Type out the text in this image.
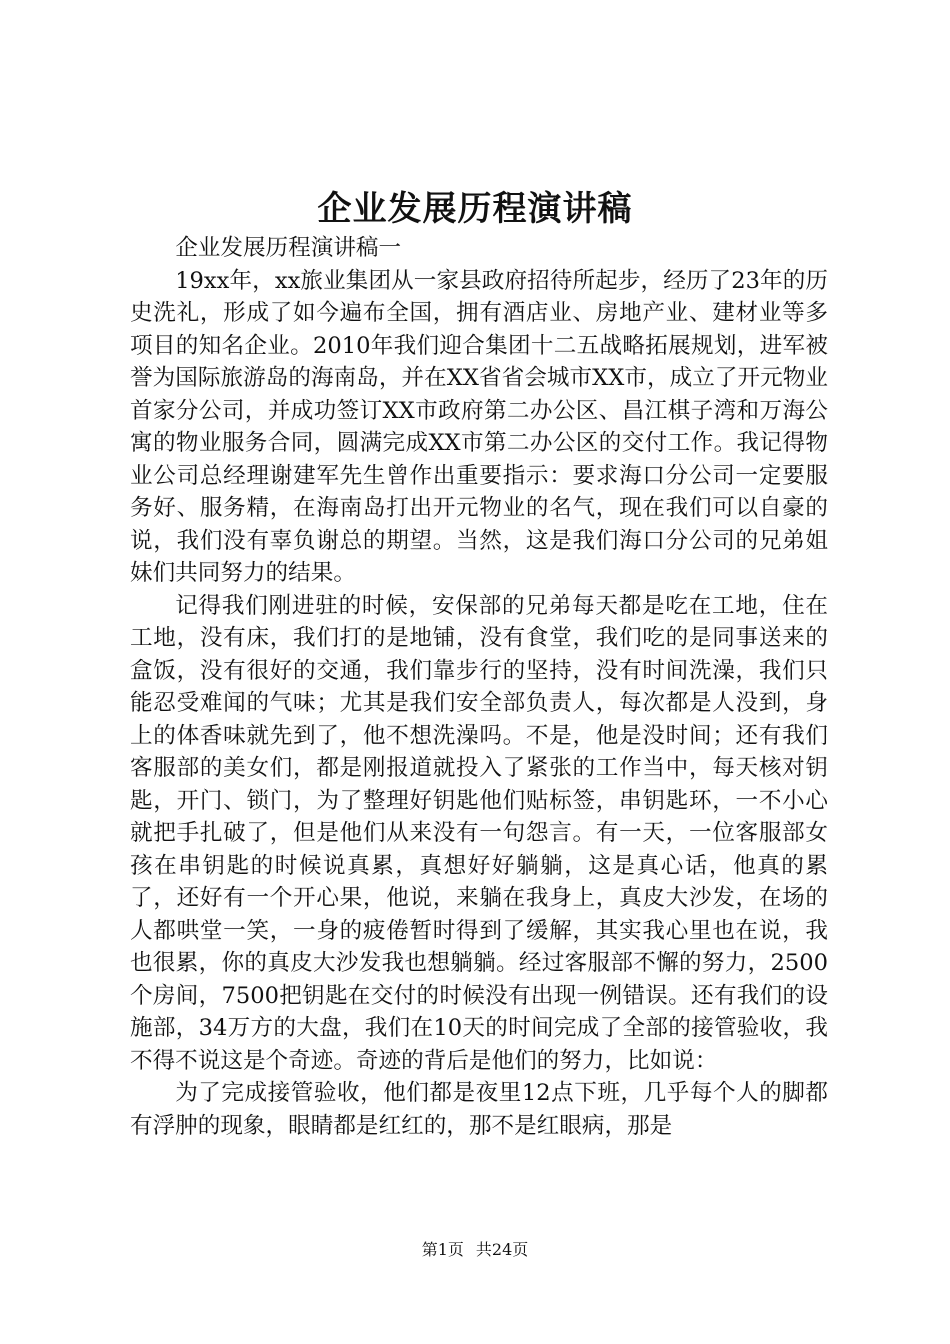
企业发展历程演讲稿

企业发展历程演讲稿一

19xx年，xx旅业集团从一家县政府招待所起步，经历了23年的历史洗礼，形成了如今遍布全国，拥有酒店业、房地产业、建材业等多项目的知名企业。2010年我们迎合集团十二五战略拓展规划，进军被誉为国际旅游岛的海南岛，并在XX省省会城市XX市，成立了开元物业首家分公司，并成功签订XX市政府第二办公区、昌江棋子湾和万海公寓的物业服务合同，圆满完成XX市第二办公区的交付工作。我记得物业公司总经理谢建军先生曾作出重要指示：要求海口分公司一定要服务好、服务精，在海南岛打出开元物业的名气，现在我们可以自豪的说，我们没有辜负谢总的期望。当然，这是我们海口分公司的兄弟姐妹们共同努力的结果。

记得我们刚进驻的时候，安保部的兄弟每天都是吃在工地，住在工地，没有床，我们打的是地铺，没有食堂，我们吃的是同事送来的盒饭，没有很好的交通，我们靠步行的坚持，没有时间洗澡，我们只能忍受难闻的气味；尤其是我们安全部负责人，每次都是人没到，身上的体香味就先到了，他不想洗澡吗。不是，他是没时间；还有我们客服部的美女们，都是刚报道就投入了紧张的工作当中，每天核对钥匙，开门、锁门，为了整理好钥匙他们贴标签，串钥匙环，一不小心就把手扎破了，但是他们从来没有一句怨言。有一天，一位客服部女孩在串钥匙的时候说真累，真想好好躺躺，这是真心话，他真的累了，还好有一个开心果，他说，来躺在我身上，真皮大沙发，在场的人都哄堂一笑，一身的疲倦暂时得到了缓解，其实我心里也在说，我也很累，你的真皮大沙发我也想躺躺。经过客服部不懈的努力，2500个房间，7500把钥匙在交付的时候没有出现一例错误。还有我们的设施部，34万方的大盘，我们在10天的时间完成了全部的接管验收，我不得不说这是个奇迹。奇迹的背后是他们的努力，比如说：

为了完成接管验收，他们都是夜里12点下班，几乎每个人的脚都有浮肿的现象，眼睛都是红红的，那不是红眼病，那是

第1页 共24页
